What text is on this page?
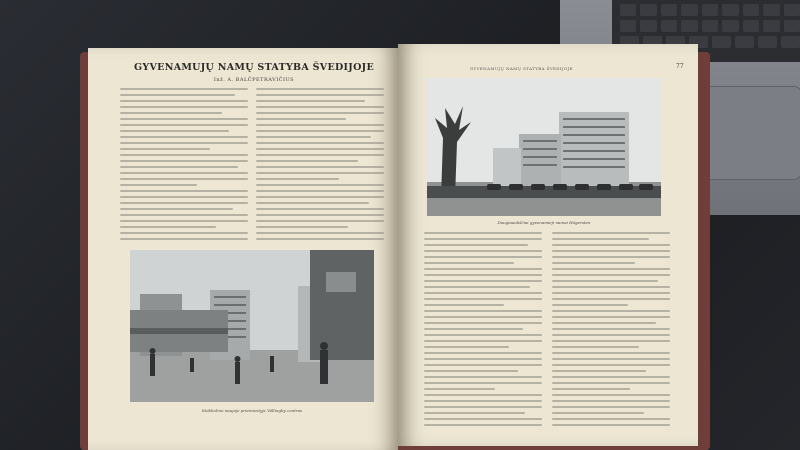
GYVENAMUJŲ NAMŲ STATYBA ŠVEDIJOJE
Inž. A. BALČPETRAVIČIUS
Stokholmo naujoje priemiestyje Vällingby centras
GYVENAMUJŲ NAMŲ STATYBA ŠVEDIJOJE	77
Daugiaaukščiai gyvenamieji namai Hägersten
